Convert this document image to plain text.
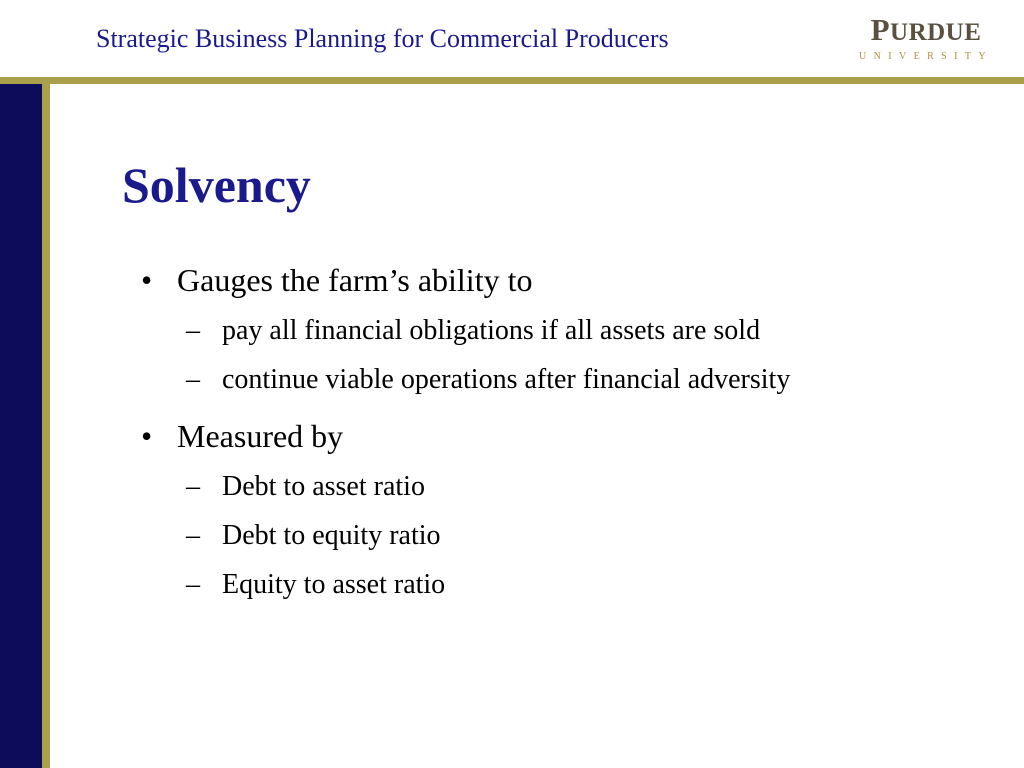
Strategic Business Planning for Commercial Producers	PURDUE
UNIVERSITY
Solvency
• Gauges the farm’s ability to
– pay all financial obligations if all assets are sold
– continue viable operations after financial adversity
• Measured by
– Debt to asset ratio
– Debt to equity ratio
– Equity to asset ratio
